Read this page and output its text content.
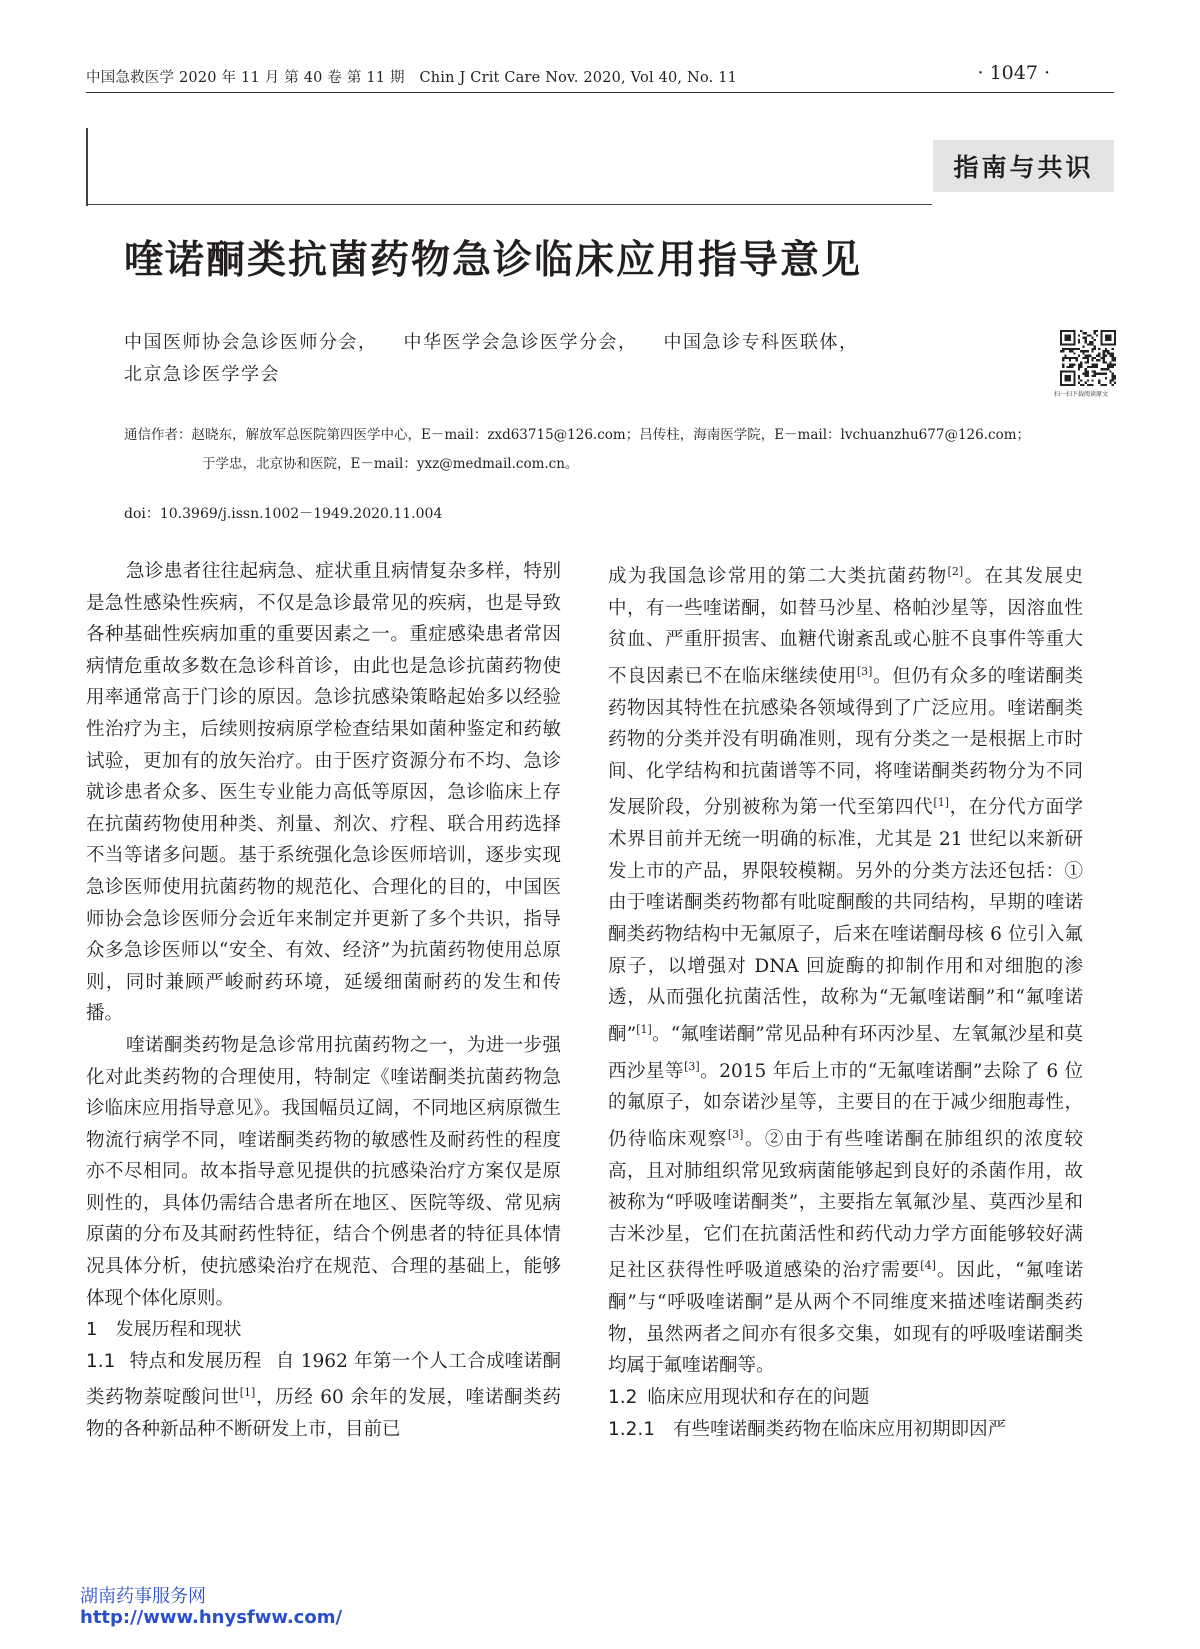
中国急救医学 2020 年 11 月 第 40 卷 第 11 期　Chin J Crit Care Nov. 2020, Vol 40, No. 11	· 1047 ·
指南与共识
喹诺酮类抗菌药物急诊临床应用指导意见
中国医师协会急诊医师分会， 中华医学会急诊医学分会， 中国急诊专科医联体，
北京急诊医学学会
扫一扫下载阅读原文
通信作者：赵晓东，解放军总医院第四医学中心，E－mail：zxd63715@126.com；吕传柱，海南医学院，E－mail：lvchuanzhu677@126.com；
于学忠，北京协和医院，E－mail：yxz@medmail.com.cn。
doi：10.3969/j.issn.1002－1949.2020.11.004

急诊患者往往起病急、症状重且病情复杂多样，特别是急性感染性疾病，不仅是急诊最常见的疾病，也是导致各种基础性疾病加重的重要因素之一。重症感染患者常因病情危重故多数在急诊科首诊，由此也是急诊抗菌药物使用率通常高于门诊的原因。急诊抗感染策略起始多以经验性治疗为主，后续则按病原学检查结果如菌种鉴定和药敏试验，更加有的放矢治疗。由于医疗资源分布不均、急诊就诊患者众多、医生专业能力高低等原因，急诊临床上存在抗菌药物使用种类、剂量、剂次、疗程、联合用药选择不当等诸多问题。基于系统强化急诊医师培训，逐步实现急诊医师使用抗菌药物的规范化、合理化的目的，中国医师协会急诊医师分会近年来制定并更新了多个共识，指导众多急诊医师以“安全、有效、经济”为抗菌药物使用总原则，同时兼顾严峻耐药环境，延缓细菌耐药的发生和传播。

喹诺酮类药物是急诊常用抗菌药物之一，为进一步强化对此类药物的合理使用，特制定《喹诺酮类抗菌药物急诊临床应用指导意见》。我国幅员辽阔，不同地区病原微生物流行病学不同，喹诺酮类药物的敏感性及耐药性的程度亦不尽相同。故本指导意见提供的抗感染治疗方案仅是原则性的，具体仍需结合患者所在地区、医院等级、常见病原菌的分布及其耐药性特征，结合个例患者的特征具体情况具体分析，使抗感染治疗在规范、合理的基础上，能够体现个体化原则。

1　发展历程和现状

1.1 特点和发展历程 自 1962 年第一个人工合成喹诺酮类药物萘啶酸问世[1]，历经 60 余年的发展，喹诺酮类药物的各种新品种不断研发上市，目前已

成为我国急诊常用的第二大类抗菌药物[2]。在其发展史中，有一些喹诺酮，如替马沙星、格帕沙星等，因溶血性贫血、严重肝损害、血糖代谢紊乱或心脏不良事件等重大不良因素已不在临床继续使用[3]。但仍有众多的喹诺酮类药物因其特性在抗感染各领域得到了广泛应用。喹诺酮类药物的分类并没有明确准则，现有分类之一是根据上市时间、化学结构和抗菌谱等不同，将喹诺酮类药物分为不同发展阶段，分别被称为第一代至第四代[1]，在分代方面学术界目前并无统一明确的标准，尤其是 21 世纪以来新研发上市的产品，界限较模糊。另外的分类方法还包括：①由于喹诺酮类药物都有吡啶酮酸的共同结构，早期的喹诺酮类药物结构中无氟原子，后来在喹诺酮母核 6 位引入氟原子，以增强对 DNA 回旋酶的抑制作用和对细胞的渗透，从而强化抗菌活性，故称为“无氟喹诺酮”和“氟喹诺酮”[1]。“氟喹诺酮”常见品种有环丙沙星、左氧氟沙星和莫西沙星等[3]。2015 年后上市的“无氟喹诺酮”去除了 6 位的氟原子，如奈诺沙星等，主要目的在于减少细胞毒性，仍待临床观察[3]。②由于有些喹诺酮在肺组织的浓度较高，且对肺组织常见致病菌能够起到良好的杀菌作用，故被称为“呼吸喹诺酮类”，主要指左氧氟沙星、莫西沙星和吉米沙星，它们在抗菌活性和药代动力学方面能够较好满足社区获得性呼吸道感染的治疗需要[4]。因此，“氟喹诺酮”与“呼吸喹诺酮”是从两个不同维度来描述喹诺酮类药物，虽然两者之间亦有很多交集，如现有的呼吸喹诺酮类均属于氟喹诺酮等。

1.2 临床应用现状和存在的问题
1.2.1 有些喹诺酮类药物在临床应用初期即因严
湖南药事服务网
http://www.hnysfww.com/
